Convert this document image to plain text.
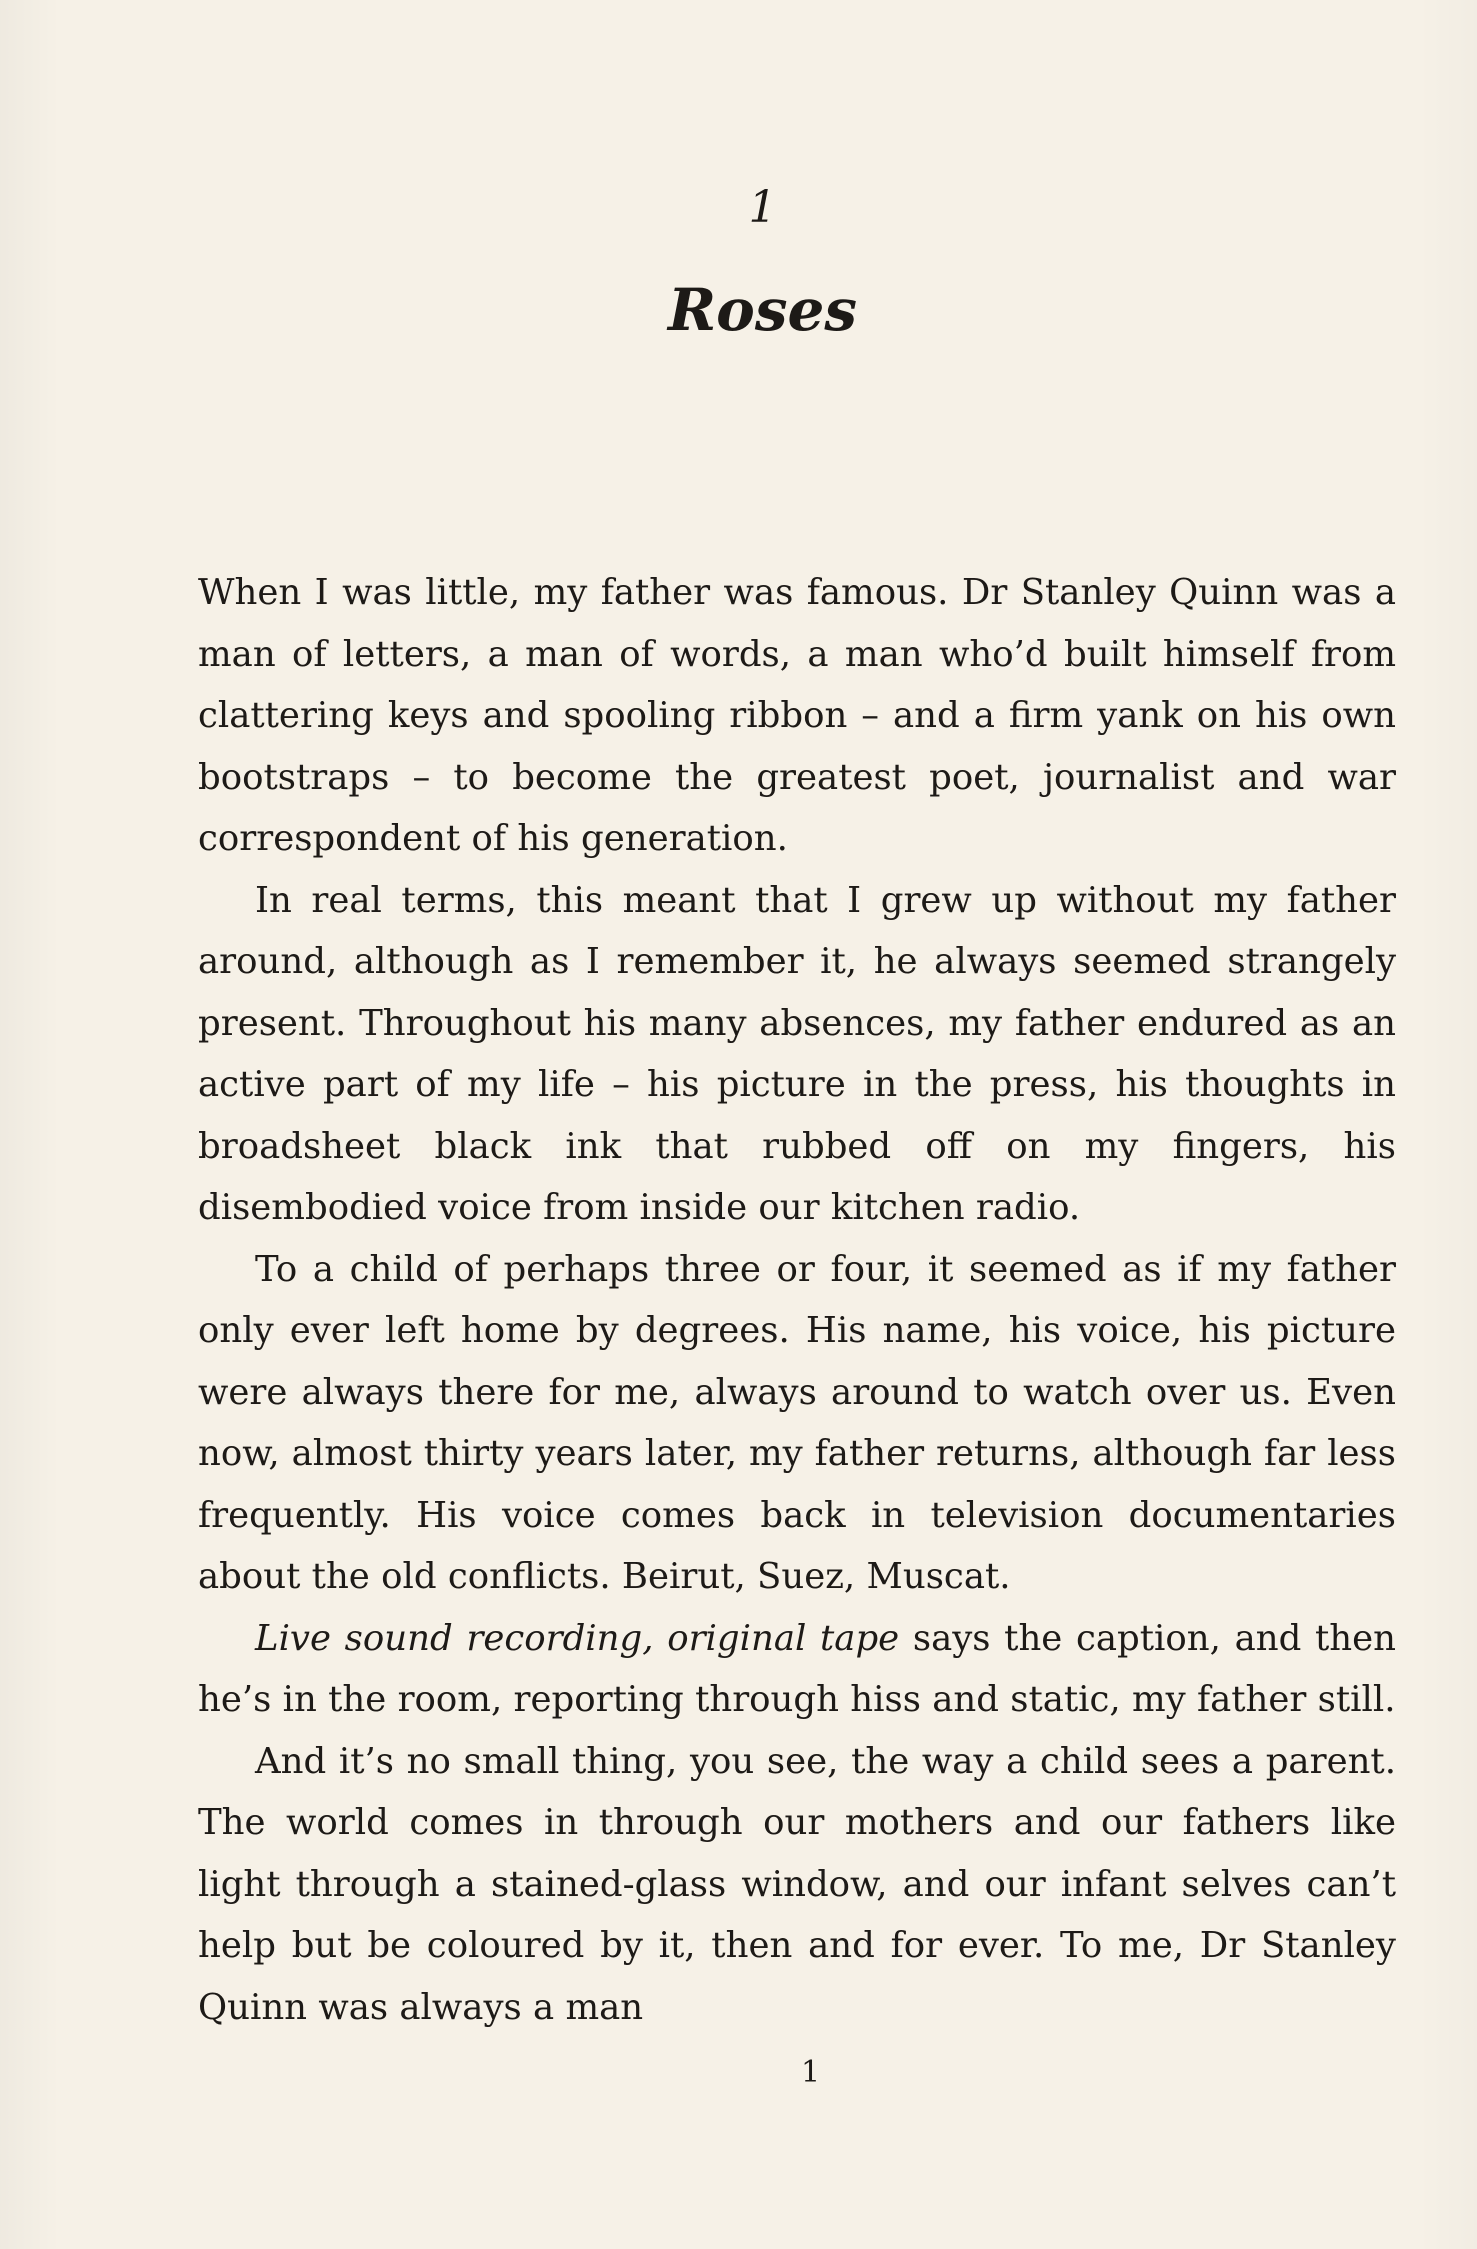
1
Roses

When I was little, my father was famous. Dr Stanley Quinn was a man of letters, a man of words, a man who’d built himself from clattering keys and spooling ribbon – and a firm yank on his own bootstraps – to become the greatest poet, journalist and war correspondent of his generation.

In real terms, this meant that I grew up without my father around, although as I remember it, he always seemed strangely present. Throughout his many absences, my father endured as an active part of my life – his picture in the press, his thoughts in broadsheet black ink that rubbed off on my fingers, his disembodied voice from inside our kitchen radio.

To a child of perhaps three or four, it seemed as if my father only ever left home by degrees. His name, his voice, his picture were always there for me, always around to watch over us. Even now, almost thirty years later, my father returns, although far less frequently. His voice comes back in television documentaries about the old conflicts. Beirut, Suez, Muscat.

Live sound recording, original tape says the caption, and then he’s in the room, reporting through hiss and static, my father still.

And it’s no small thing, you see, the way a child sees a parent. The world comes in through our mothers and our fathers like light through a stained-glass window, and our infant selves can’t help but be coloured by it, then and for ever. To me, Dr Stanley Quinn was always a man

1
